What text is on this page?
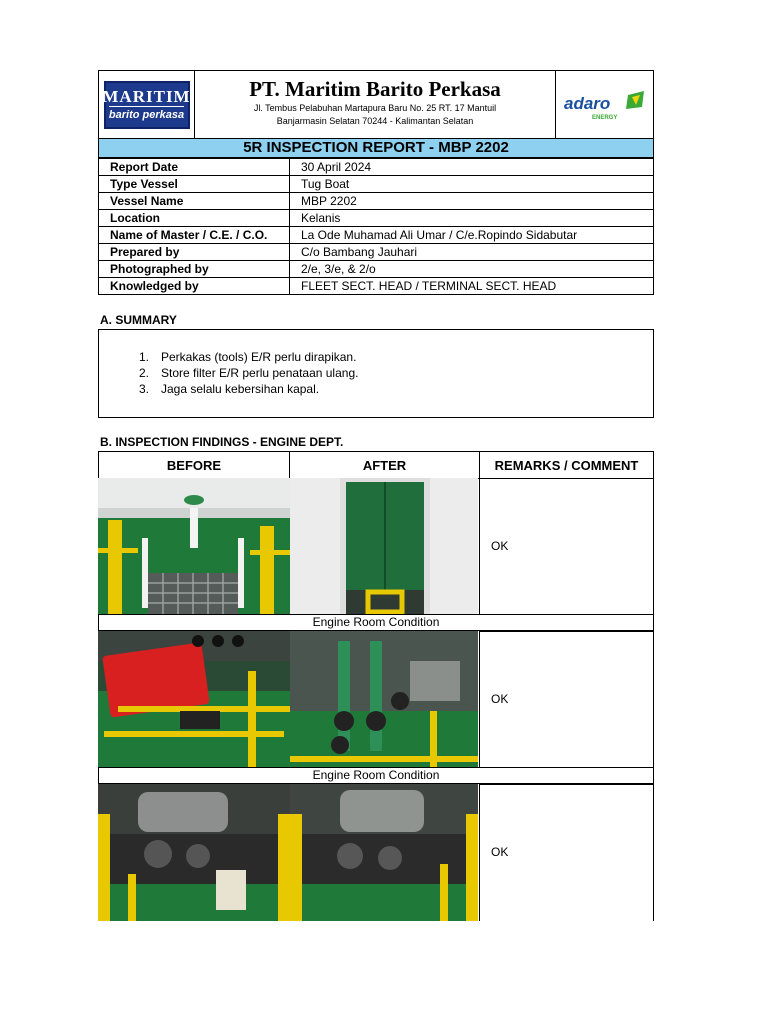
MARITIM
barito perkasa
PT. Maritim Barito Perkasa
Jl. Tembus Pelabuhan Martapura Baru No. 25 RT. 17 Mantuil
Banjarmasin Selatan 70244 - Kalimantan Selatan
adaro
ENERGY
5R INSPECTION REPORT - MBP 2202
Report Date	30 April 2024
Type Vessel	Tug Boat
Vessel Name	MBP 2202
Location	Kelanis
Name of Master / C.E. / C.O.	La Ode Muhamad Ali Umar / C/e.Ropindo Sidabutar
Prepared by	C/o Bambang Jauhari
Photographed by	2/e, 3/e, & 2/o
Knowledged by	FLEET SECT. HEAD / TERMINAL SECT. HEAD
A. SUMMARY
1. Perkakas (tools) E/R perlu dirapikan.
2. Store filter E/R perlu penataan ulang.
3. Jaga selalu kebersihan kapal.
B. INSPECTION FINDINGS - ENGINE DEPT.
BEFORE	AFTER	REMARKS / COMMENT
OK
Engine Room Condition
OK
Engine Room Condition
OK
